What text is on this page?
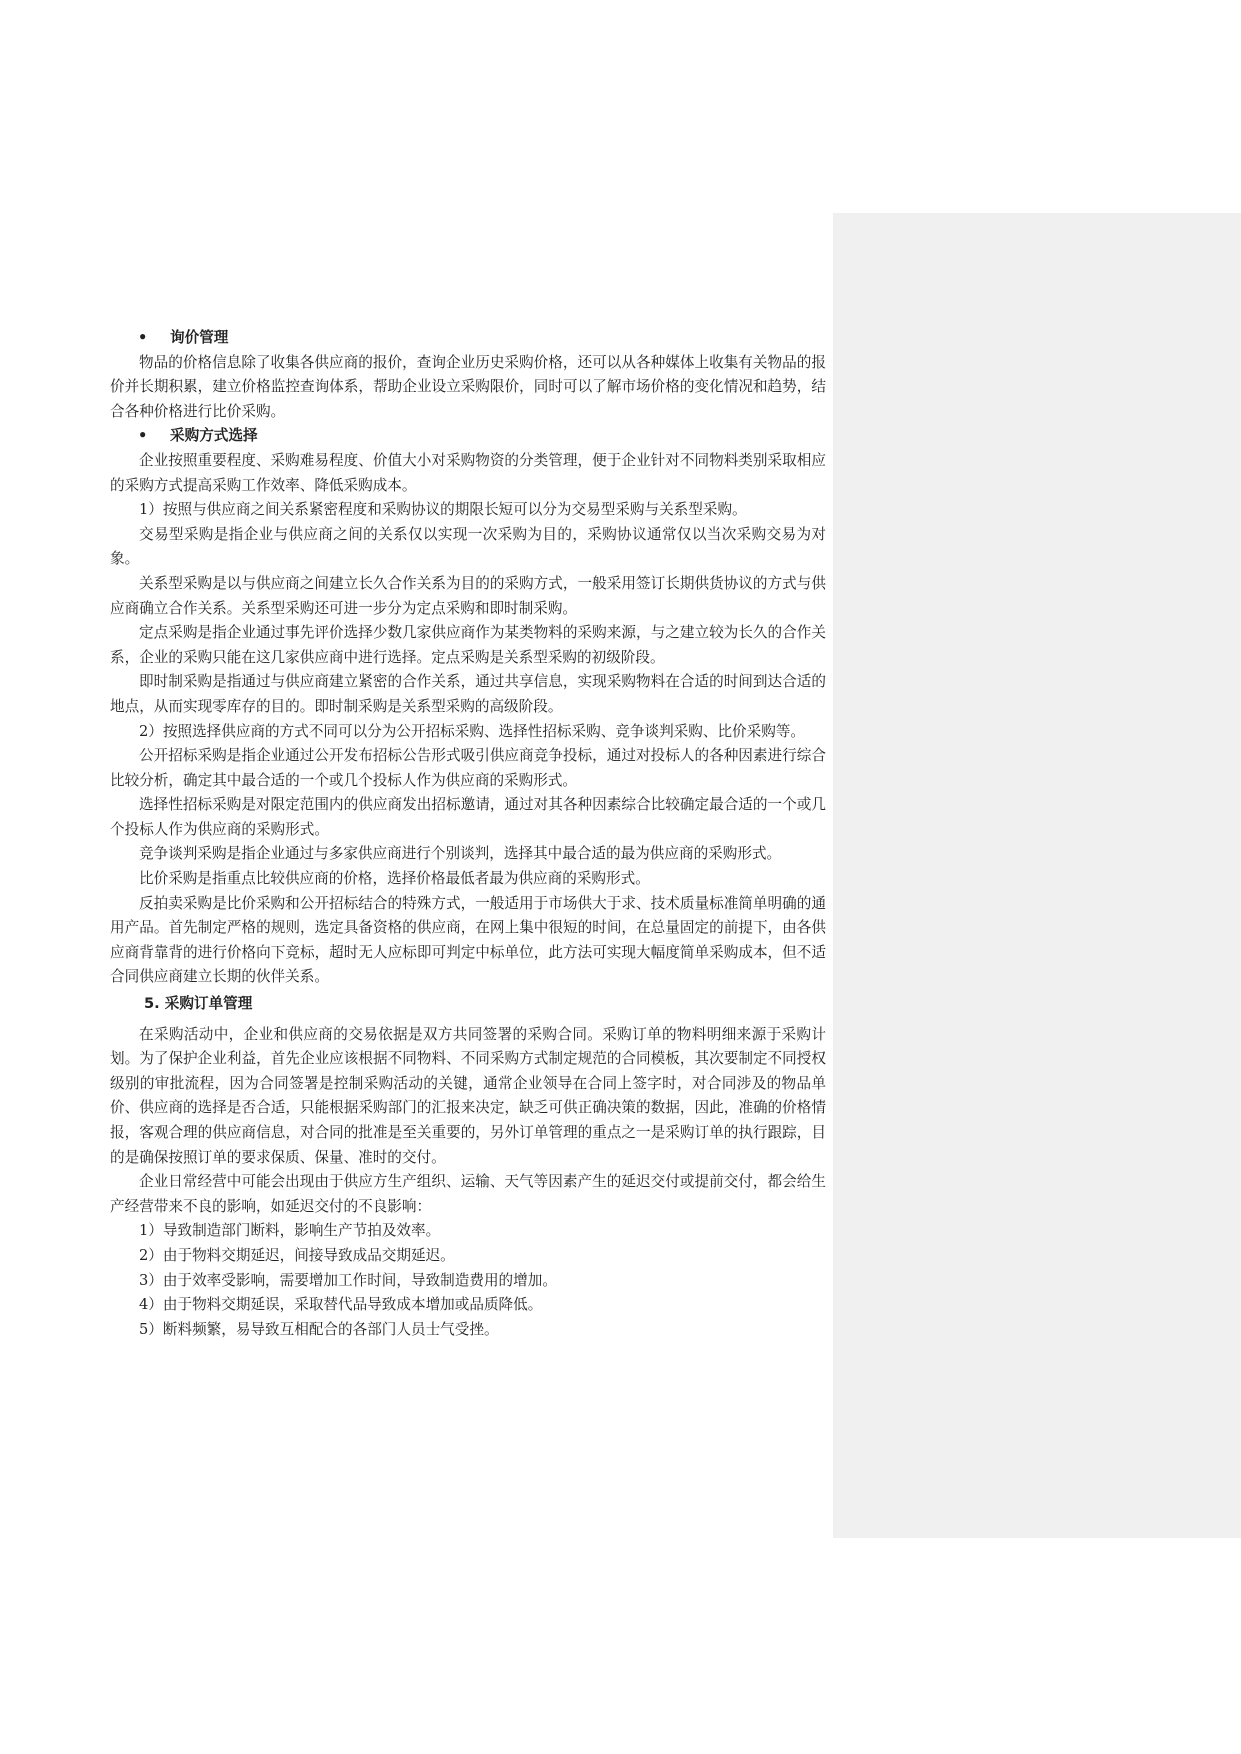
• 询价管理

物品的价格信息除了收集各供应商的报价，查询企业历史采购价格，还可以从各种媒体上收集有关物品的报价并长期积累，建立价格监控查询体系，帮助企业设立采购限价，同时可以了解市场价格的变化情况和趋势，结合各种价格进行比价采购。

• 采购方式选择

企业按照重要程度、采购难易程度、价值大小对采购物资的分类管理，便于企业针对不同物料类别采取相应的采购方式提高采购工作效率、降低采购成本。

1）按照与供应商之间关系紧密程度和采购协议的期限长短可以分为交易型采购与关系型采购。

交易型采购是指企业与供应商之间的关系仅以实现一次采购为目的，采购协议通常仅以当次采购交易为对象。

关系型采购是以与供应商之间建立长久合作关系为目的的采购方式，一般采用签订长期供货协议的方式与供应商确立合作关系。关系型采购还可进一步分为定点采购和即时制采购。

定点采购是指企业通过事先评价选择少数几家供应商作为某类物料的采购来源，与之建立较为长久的合作关系，企业的采购只能在这几家供应商中进行选择。定点采购是关系型采购的初级阶段。

即时制采购是指通过与供应商建立紧密的合作关系，通过共享信息，实现采购物料在合适的时间到达合适的地点，从而实现零库存的目的。即时制采购是关系型采购的高级阶段。

2）按照选择供应商的方式不同可以分为公开招标采购、选择性招标采购、竞争谈判采购、比价采购等。

公开招标采购是指企业通过公开发布招标公告形式吸引供应商竞争投标，通过对投标人的各种因素进行综合比较分析，确定其中最合适的一个或几个投标人作为供应商的采购形式。

选择性招标采购是对限定范围内的供应商发出招标邀请，通过对其各种因素综合比较确定最合适的一个或几个投标人作为供应商的采购形式。

竞争谈判采购是指企业通过与多家供应商进行个别谈判，选择其中最合适的最为供应商的采购形式。

比价采购是指重点比较供应商的价格，选择价格最低者最为供应商的采购形式。

反拍卖采购是比价采购和公开招标结合的特殊方式，一般适用于市场供大于求、技术质量标准简单明确的通用产品。首先制定严格的规则，选定具备资格的供应商，在网上集中很短的时间，在总量固定的前提下，由各供应商背靠背的进行价格向下竞标，超时无人应标即可判定中标单位，此方法可实现大幅度简单采购成本，但不适合同供应商建立长期的伙伴关系。

5. 采购订单管理

在采购活动中，企业和供应商的交易依据是双方共同签署的采购合同。采购订单的物料明细来源于采购计划。为了保护企业利益，首先企业应该根据不同物料、不同采购方式制定规范的合同模板，其次要制定不同授权级别的审批流程，因为合同签署是控制采购活动的关键，通常企业领导在合同上签字时，对合同涉及的物品单价、供应商的选择是否合适，只能根据采购部门的汇报来决定，缺乏可供正确决策的数据，因此，准确的价格情报，客观合理的供应商信息，对合同的批准是至关重要的，另外订单管理的重点之一是采购订单的执行跟踪，目的是确保按照订单的要求保质、保量、准时的交付。

企业日常经营中可能会出现由于供应方生产组织、运输、天气等因素产生的延迟交付或提前交付，都会给生产经营带来不良的影响，如延迟交付的不良影响：

1）导致制造部门断料，影响生产节拍及效率。

2）由于物料交期延迟，间接导致成品交期延迟。

3）由于效率受影响，需要增加工作时间，导致制造费用的增加。

4）由于物料交期延误，采取替代品导致成本增加或品质降低。

5）断料频繁，易导致互相配合的各部门人员士气受挫。
